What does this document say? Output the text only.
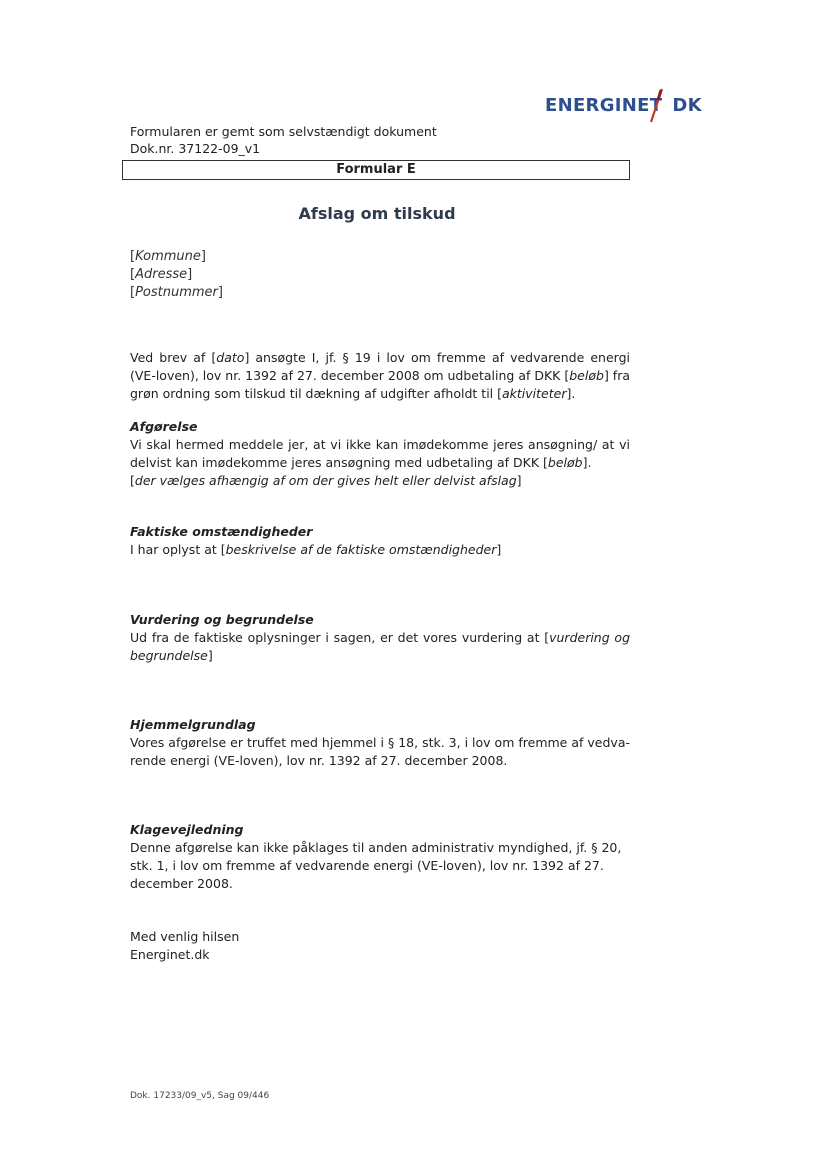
ENERGINET DK
Formularen er gemt som selvstændigt dokument
Dok.nr. 37122-09_v1
Formular E
Afslag om tilskud
[Kommune]
[Adresse]
[Postnummer]
Ved brev af [dato] ansøgte I, jf. § 19 i lov om fremme af vedvarende energi
(VE-loven), lov nr. 1392 af 27. december 2008 om udbetaling af DKK [beløb] fra
grøn ordning som tilskud til dækning af udgifter afholdt til [aktiviteter].
Afgørelse
Vi skal hermed meddele jer, at vi ikke kan imødekomme jeres ansøgning/ at vi
delvist kan imødekomme jeres ansøgning med udbetaling af DKK [beløb].
[der vælges afhængig af om der gives helt eller delvist afslag]
Faktiske omstændigheder
I har oplyst at [beskrivelse af de faktiske omstændigheder]
Vurdering og begrundelse
Ud fra de faktiske oplysninger i sagen, er det vores vurdering at [vurdering og
begrundelse]
Hjemmelgrundlag
Vores afgørelse er truffet med hjemmel i § 18, stk. 3, i lov om fremme af vedva-
rende energi (VE-loven), lov nr. 1392 af 27. december 2008.
Klagevejledning
Denne afgørelse kan ikke påklages til anden administrativ myndighed, jf. § 20,
stk. 1, i lov om fremme af vedvarende energi (VE-loven), lov nr. 1392 af 27.
december 2008.
Med venlig hilsen
Energinet.dk
Dok. 17233/09_v5, Sag 09/446
